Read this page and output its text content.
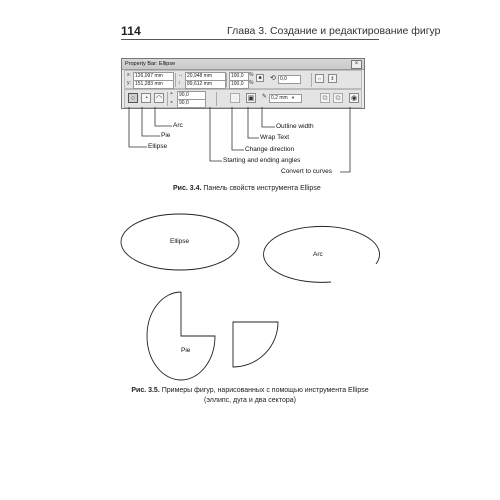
114	Глава 3. Создание и редактирование фигур
Property Bar: Ellipse	×
x: 126,097 mm
y: 151,283 mm
↔ 20,948 mm
↕	89,612 mm
100,0	%
100,0	%
■	⟲ 0,0	⇔	⇕
○	◔	◠
◓	90,0
◒	90,0
◌	▣ ✎ 0,2 mm ▼	⧉	⧉	◉
Arc
Pie
Ellipse
Outline width
Wrap Text
Change direction
Starting and ending angles
Convert to curves
Рис. 3.4. Панель свойств инструмента Ellipse
Ellipse
Arc
Pie
Рис. 3.5. Примеры фигур, нарисованных с помощью инструмента Ellipse
(эллипс, дуга и два сектора)
